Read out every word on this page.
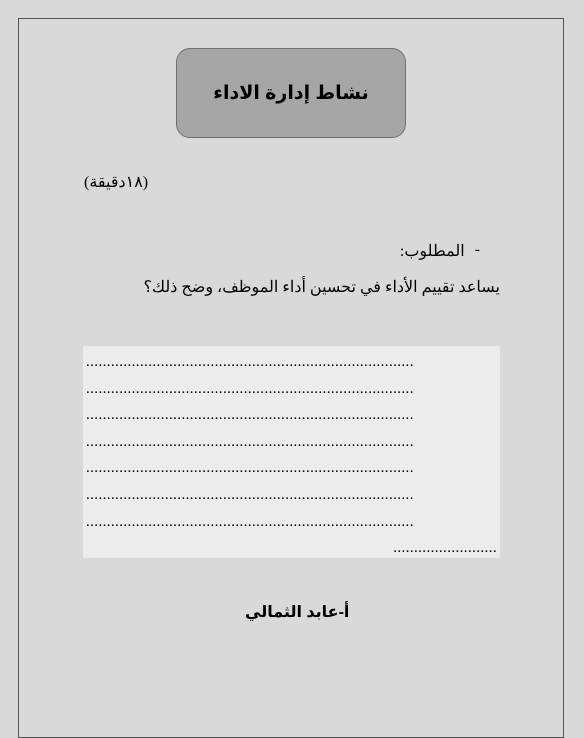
نشاط إدارة الاداء
(١٨دقيقة)
-
المطلوب:
يساعد تقييم الأداء في تحسين أداء الموظف، وضح ذلك؟
...............................................................................
...............................................................................
...............................................................................
...............................................................................
...............................................................................
...............................................................................
...............................................................................
.........................
أ-عابد الثمالي
